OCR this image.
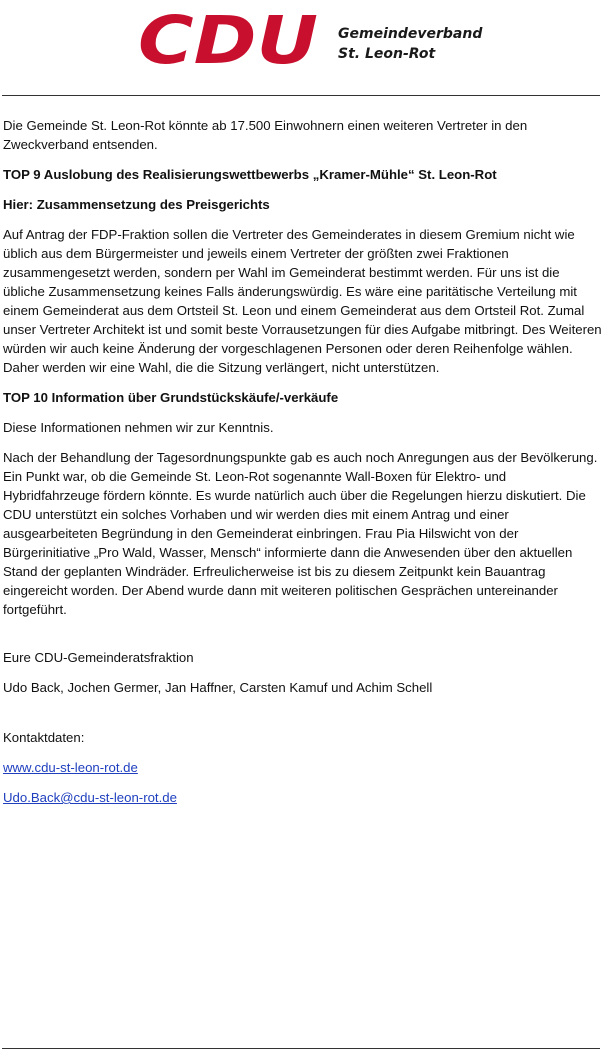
CDU Gemeindeverband
St. Leon-Rot

Die Gemeinde St. Leon-Rot könnte ab 17.500 Einwohnern einen weiteren Vertreter in den Zweckverband entsenden.

TOP 9 Auslobung des Realisierungswettbewerbs „Kramer-Mühle“ St. Leon-Rot

Hier: Zusammensetzung des Preisgerichts

Auf Antrag der FDP-Fraktion sollen die Vertreter des Gemeinderates in diesem Gremium nicht wie üblich aus dem Bürgermeister und jeweils einem Vertreter der größten zwei Fraktionen zusammengesetzt werden, sondern per Wahl im Gemeinderat bestimmt werden. Für uns ist die übliche Zusammensetzung keines Falls änderungswürdig. Es wäre eine paritätische Verteilung mit einem Gemeinderat aus dem Ortsteil St. Leon und einem Gemeinderat aus dem Ortsteil Rot. Zumal unser Vertreter Architekt ist und somit beste Vorrausetzungen für dies Aufgabe mitbringt. Des Weiteren würden wir auch keine Änderung der vorgeschlagenen Personen oder deren Reihenfolge wählen. Daher werden wir eine Wahl, die die Sitzung verlängert, nicht unterstützen.

TOP 10 Information über Grundstückskäufe/-verkäufe

Diese Informationen nehmen wir zur Kenntnis.

Nach der Behandlung der Tagesordnungspunkte gab es auch noch Anregungen aus der Bevölkerung. Ein Punkt war, ob die Gemeinde St. Leon-Rot sogenannte Wall-Boxen für Elektro- und Hybridfahrzeuge fördern könnte. Es wurde natürlich auch über die Regelungen hierzu diskutiert. Die CDU unterstützt ein solches Vorhaben und wir werden dies mit einem Antrag und einer ausgearbeiteten Begründung in den Gemeinderat einbringen. Frau Pia Hilswicht von der Bürgerinitiative „Pro Wald, Wasser, Mensch“ informierte dann die Anwesenden über den aktuellen Stand der geplanten Windräder. Erfreulicherweise ist bis zu diesem Zeitpunkt kein Bauantrag eingereicht worden. Der Abend wurde dann mit weiteren politischen Gesprächen untereinander fortgeführt.

Eure CDU-Gemeinderatsfraktion

Udo Back, Jochen Germer, Jan Haffner, Carsten Kamuf und Achim Schell

Kontaktdaten:

www.cdu-st-leon-rot.de

Udo.Back@cdu-st-leon-rot.de
